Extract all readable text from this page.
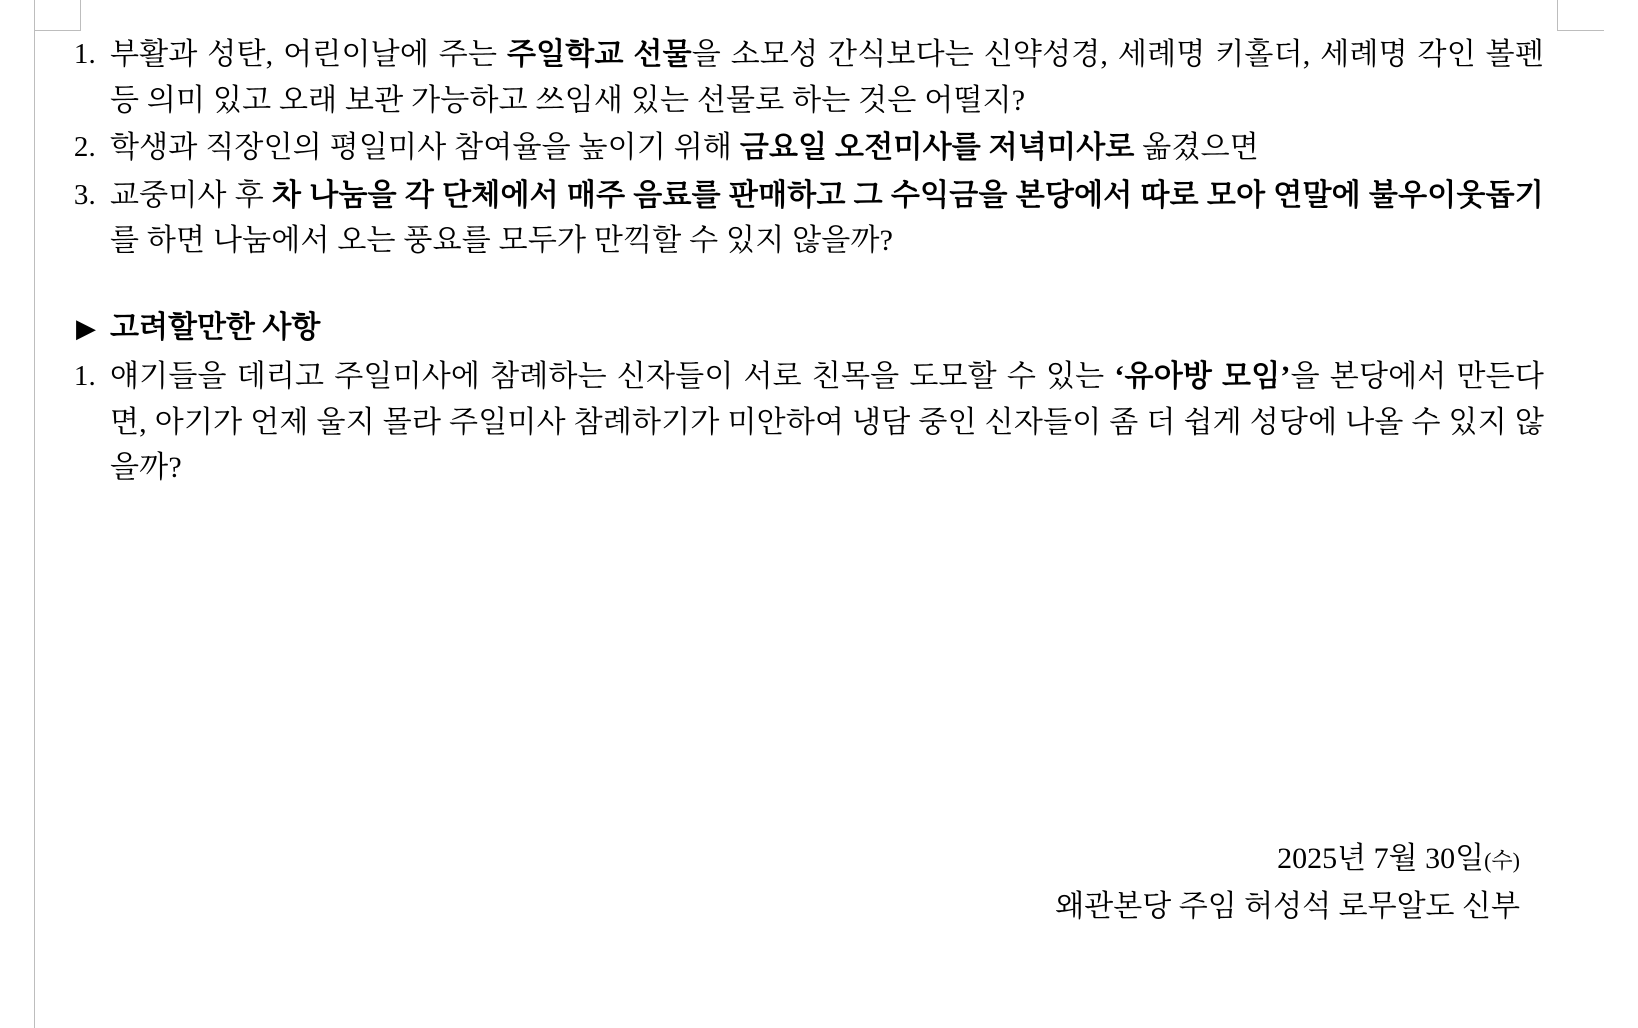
1. 부활과 성탄, 어린이날에 주는 주일학교 선물을 소모성 간식보다는 신약성경, 세례명 키홀더, 세례명 각인 볼펜 등 의미 있고 오래 보관 가능하고 쓰임새 있는 선물로 하는 것은 어떨지?
2. 학생과 직장인의 평일미사 참여율을 높이기 위해 금요일 오전미사를 저녁미사로 옮겼으면
3. 교중미사 후 차 나눔을 각 단체에서 매주 음료를 판매하고 그 수익금을 본당에서 따로 모아 연말에 불우이웃돕기를 하면 나눔에서 오는 풍요를 모두가 만끽할 수 있지 않을까?
▶ 고려할만한 사항
1. 얘기들을 데리고 주일미사에 참례하는 신자들이 서로 친목을 도모할 수 있는 ‘유아방 모임’을 본당에서 만든다면, 아기가 언제 울지 몰라 주일미사 참례하기가 미안하여 냉담 중인 신자들이 좀 더 쉽게 성당에 나올 수 있지 않을까?
2025년 7월 30일(수)
왜관본당 주임 허성석 로무알도 신부
